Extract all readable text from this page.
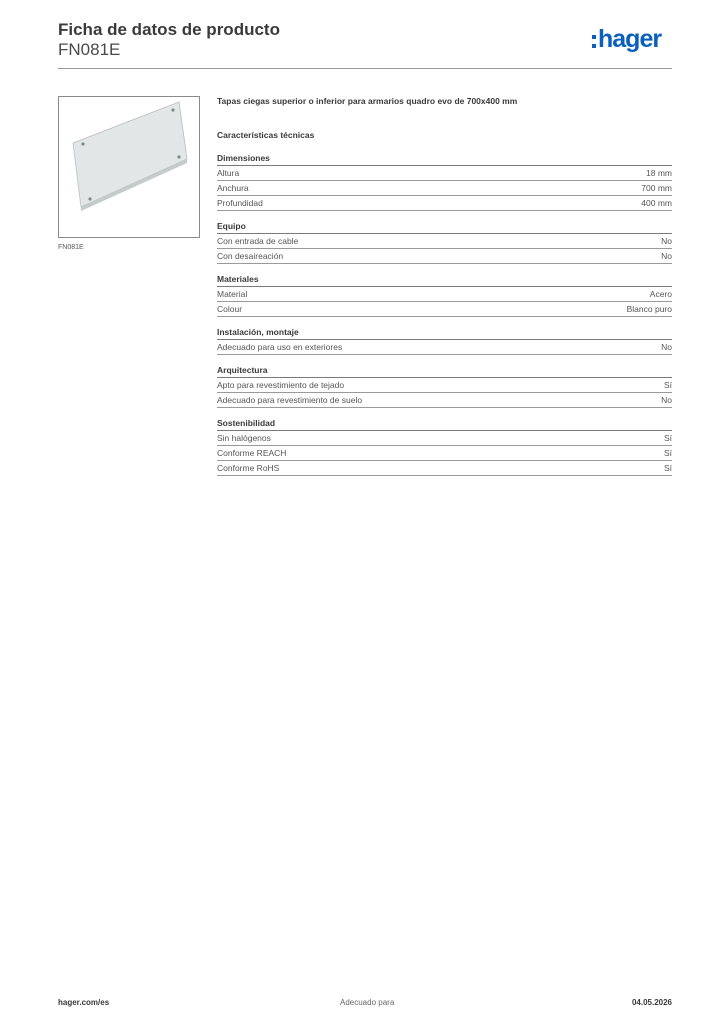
Ficha de datos de producto
FN081E	hager
FN081E
Tapas ciegas superior o inferior para armarios quadro evo de 700x400 mm
Características técnicas
Dimensiones
Altura	18 mm
Anchura	700 mm
Profundidad	400 mm
Equipo
Con entrada de cable	No
Con desaireación	No
Materiales
Material	Acero
Colour	Blanco puro
Instalación, montaje
Adecuado para uso en exteriores	No
Arquitectura
Apto para revestimiento de tejado	Sí
Adecuado para revestimiento de suelo	No
Sostenibilidad
Sin halógenos	Sí
Conforme REACH	Sí
Conforme RoHS	Sí
hager.com/es	Adecuado para	04.05.2026
